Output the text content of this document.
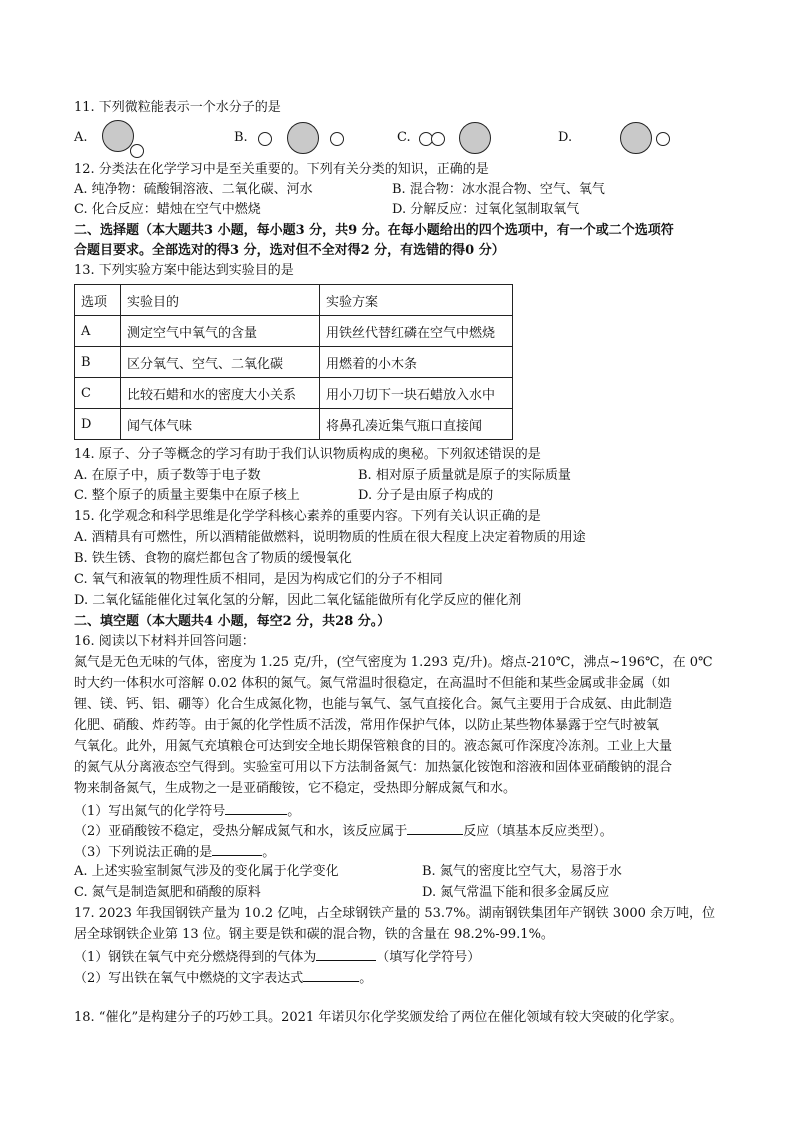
11. 下列微粒能表示一个水分子的是
A.	B.	C.	D.
12. 分类法在化学学习中是至关重要的。下列有关分类的知识，正确的是
A. 纯净物：硫酸铜溶液、二氧化碳、河水	B. 混合物：冰水混合物、空气、氧气
C. 化合反应：蜡烛在空气中燃烧	D. 分解反应：过氧化氢制取氧气
二、选择题（本大题共3 小题，每小题3 分，共9 分。在每小题给出的四个选项中，有一个或二个选项符
合题目要求。全部选对的得3 分，选对但不全对得2 分，有选错的得0 分）
13. 下列实验方案中能达到实验目的是
选项	实验目的	实验方案
A	测定空气中氧气的含量	用铁丝代替红磷在空气中燃烧
B	区分氧气、空气、二氧化碳	用燃着的小木条
C	比较石蜡和水的密度大小关系	用小刀切下一块石蜡放入水中
D	闻气体气味	将鼻孔凑近集气瓶口直接闻
14. 原子、分子等概念的学习有助于我们认识物质构成的奥秘。下列叙述错误的是
A. 在原子中，质子数等于电子数	B. 相对原子质量就是原子的实际质量
C. 整个原子的质量主要集中在原子核上	D. 分子是由原子构成的
15. 化学观念和科学思维是化学学科核心素养的重要内容。下列有关认识正确的是
A. 酒精具有可燃性，所以酒精能做燃料，说明物质的性质在很大程度上决定着物质的用途
B. 铁生锈、食物的腐烂都包含了物质的缓慢氧化
C. 氧气和液氧的物理性质不相同，是因为构成它们的分子不相同
D. 二氧化锰能催化过氧化氢的分解，因此二氧化锰能做所有化学反应的催化剂
二、填空题（本大题共4 小题，每空2 分，共28 分。）
16. 阅读以下材料并回答问题：
氮气是无色无味的气体，密度为 1.25 克/升，(空气密度为 1.293 克/升)。熔点-210℃，沸点~196℃，在 0℃
时大约一体积水可溶解 0.02 体积的氮气。氮气常温时很稳定，在高温时不但能和某些金属或非金属（如
锂、镁、钙、铝、硼等）化合生成氮化物，也能与氧气、氢气直接化合。氮气主要用于合成氨、由此制造
化肥、硝酸、炸药等。由于氮的化学性质不活泼，常用作保护气体，以防止某些物体暴露于空气时被氧
气氧化。此外，用氮气充填粮仓可达到安全地长期保管粮食的目的。液态氮可作深度冷冻剂。工业上大量
的氮气从分离液态空气得到。实验室可用以下方法制备氮气：加热氯化铵饱和溶液和固体亚硝酸钠的混合
物来制备氮气，生成物之一是亚硝酸铵，它不稳定，受热即分解成氮气和水。
（1）写出氮气的化学符号	。
（2）亚硝酸铵不稳定，受热分解成氮气和水，该反应属于	反应（填基本反应类型）。
（3）下列说法正确的是	。
A. 上述实验室制氮气涉及的变化属于化学变化	B. 氮气的密度比空气大，易溶于水
C. 氮气是制造氮肥和硝酸的原料	D. 氮气常温下能和很多金属反应
17. 2023 年我国钢铁产量为 10.2 亿吨，占全球钢铁产量的 53.7%。湖南钢铁集团年产钢铁 3000 余万吨，位
居全球钢铁企业第 13 位。钢主要是铁和碳的混合物，铁的含量在 98.2%-99.1%。
（1）钢铁在氧气中充分燃烧得到的气体为	（填写化学符号）
（2）写出铁在氧气中燃烧的文字表达式	。
18. “催化”是构建分子的巧妙工具。2021 年诺贝尔化学奖颁发给了两位在催化领域有较大突破的化学家。
